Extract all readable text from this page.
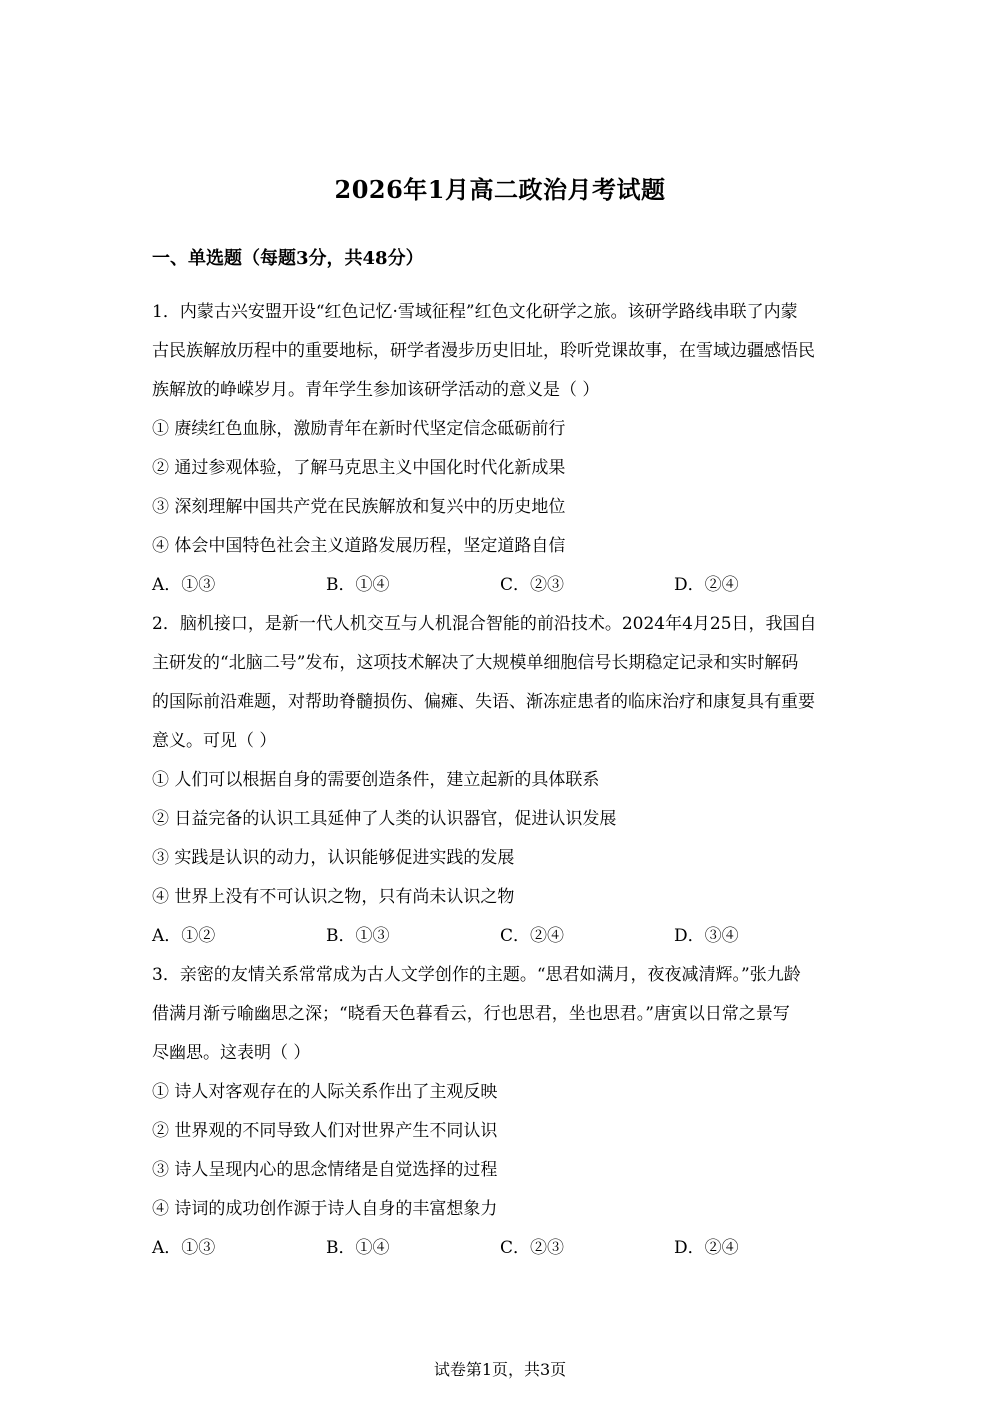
2026年1月高二政治月考试题
一、单选题（每题3分，共48分）
1．内蒙古兴安盟开设“红色记忆·雪域征程”红色文化研学之旅。该研学路线串联了内蒙
古民族解放历程中的重要地标，研学者漫步历史旧址，聆听党课故事，在雪域边疆感悟民
族解放的峥嵘岁月。青年学生参加该研学活动的意义是（ ）
① 赓续红色血脉，激励青年在新时代坚定信念砥砺前行
② 通过参观体验，了解马克思主义中国化时代化新成果
③ 深刻理解中国共产党在民族解放和复兴中的历史地位
④ 体会中国特色社会主义道路发展历程，坚定道路自信
A．①③	B．①④	C．②③	D．②④
2．脑机接口，是新一代人机交互与人机混合智能的前沿技术。2024年4月25日，我国自
主研发的“北脑二号”发布，这项技术解决了大规模单细胞信号长期稳定记录和实时解码
的国际前沿难题，对帮助脊髓损伤、偏瘫、失语、渐冻症患者的临床治疗和康复具有重要
意义。可见（ ）
① 人们可以根据自身的需要创造条件，建立起新的具体联系
② 日益完备的认识工具延伸了人类的认识器官，促进认识发展
③ 实践是认识的动力，认识能够促进实践的发展
④ 世界上没有不可认识之物，只有尚未认识之物
A．①②	B．①③	C．②④	D．③④
3．亲密的友情关系常常成为古人文学创作的主题。“思君如满月，夜夜减清辉。”张九龄
借满月渐亏喻幽思之深；“晓看天色暮看云，行也思君，坐也思君。”唐寅以日常之景写
尽幽思。这表明（ ）
① 诗人对客观存在的人际关系作出了主观反映
② 世界观的不同导致人们对世界产生不同认识
③ 诗人呈现内心的思念情绪是自觉选择的过程
④ 诗词的成功创作源于诗人自身的丰富想象力
A．①③	B．①④	C．②③	D．②④
试卷第1页，共3页
